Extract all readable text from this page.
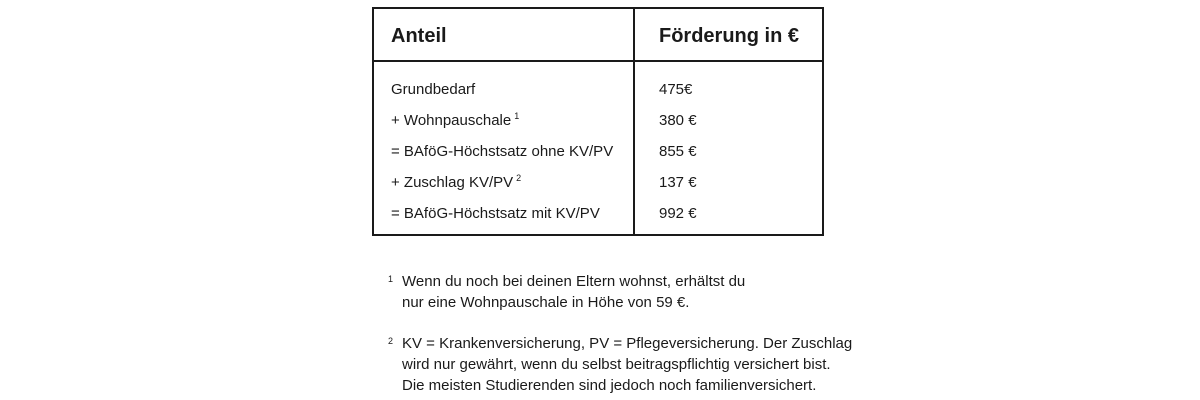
Anteil	Förderung in €
Grundbedarf	475€
+ Wohnpauschale $^1$	380 €
= BAföG-Höchstsatz ohne KV/PV	855 €
+ Zuschlag KV/PV $^2$	137 €
= BAföG-Höchstsatz mit KV/PV	992 €
1 Wenn du noch bei deinen Eltern wohnst, erhältst du
nur eine Wohnpauschale in Höhe von 59 €.
2 KV = Krankenversicherung, PV = Pflegeversicherung. Der Zuschlag
wird nur gewährt, wenn du selbst beitragspflichtig versichert bist.
Die meisten Studierenden sind jedoch noch familienversichert.
